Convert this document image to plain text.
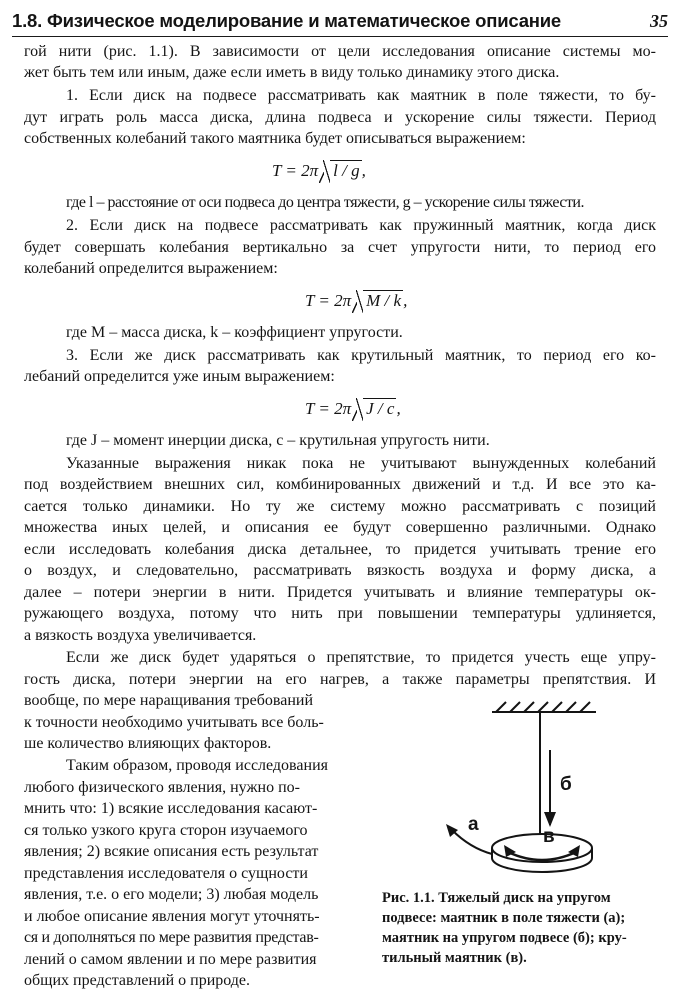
1.8. Физическое моделирование и математическое описание	35
гой нити (рис. 1.1). В зависимости от цели исследования описание системы мо-
жет быть тем или иным, даже если иметь в виду только динамику этого диска.
1. Если диск на подвесе рассматривать как маятник в поле тяжести, то бу-
дут играть роль масса диска, длина подвеса и ускорение силы тяжести. Период
собственных колебаний такого маятника будет описываться выражением:
T = 2π l / g ,
где l – расстояние от оси подвеса до центра тяжести, g – ускорение силы тяжести.
2. Если диск на подвесе рассматривать как пружинный маятник, когда диск
будет совершать колебания вертикально за счет упругости нити, то период его
колебаний определится выражением:
T = 2π M / k ,
где M – масса диска, k – коэффициент упругости.
3. Если же диск рассматривать как крутильный маятник, то период его ко-
лебаний определится уже иным выражением:
T = 2π J / c ,
где J – момент инерции диска, c – крутильная упругость нити.
Указанные выражения никак пока не учитывают вынужденных колебаний
под воздействием внешних сил, комбинированных движений и т.д. И все это ка-
сается только динамики. Но ту же систему можно рассматривать с позиций
множества иных целей, и описания ее будут совершенно различными. Однако
если исследовать колебания диска детальнее, то придется учитывать трение его
о воздух, и следовательно, рассматривать вязкость воздуха и форму диска, а
далее – потери энергии в нити. Придется учитывать и влияние температуры ок-
ружающего воздуха, потому что нить при повышении температуры удлиняется,
а вязкость воздуха увеличивается.
Если же диск будет ударяться о препятствие, то придется учесть еще упру-
гость диска, потери энергии на его нагрев, а также параметры препятствия. И
вообще, по мере наращивания требований
к точности необходимо учитывать все боль-
ше количество влияющих факторов.
Таким образом, проводя исследования
любого физического явления, нужно по-
мнить что: 1) всякие исследования касают-
ся только узкого круга сторон изучаемого
явления; 2) всякие описания есть результат
представления исследователя о сущности
явления, т.е. о его модели; 3) любая модель
и любое описание явления могут уточнять-
ся и дополняться по мере развития представ-
лений о самом явлении и по мере развития
общих представлений о природе.
а
б
в
Рис. 1.1. Тяжелый диск на упругом
подвесе: маятник в поле тяжести (а);
маятник на упругом подвесе (б); кру-
тильный маятник (в).
